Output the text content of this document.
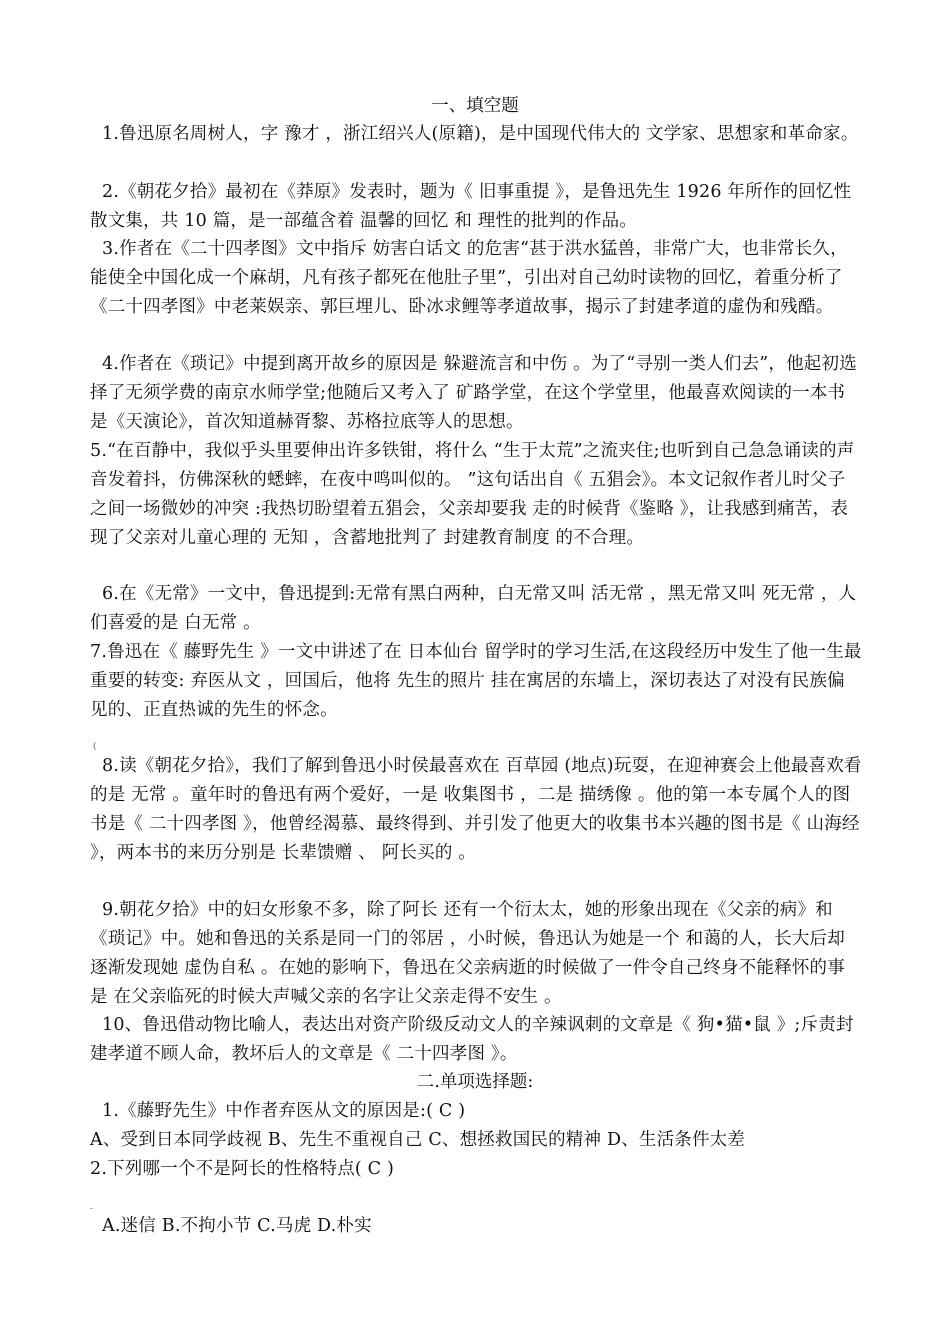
一、填空题

1.鲁迅原名周树人，字 豫才 ，浙江绍兴人(原籍)，是中国现代伟大的 文学家、思想家和革命家。

2.《朝花夕拾》最初在《莽原》发表时，题为《 旧事重提 》，是鲁迅先生 1926 年所作的回忆性散文集，共 10 篇，是一部蕴含着 温馨的回忆 和 理性的批判的作品。

3.作者在《二十四孝图》文中指斥 妨害白话文 的危害“甚于洪水猛兽，非常广大，也非常长久，能使全中国化成一个麻胡，凡有孩子都死在他肚子里”，引出对自己幼时读物的回忆，着重分析了《二十四孝图》中老莱娱亲、郭巨埋儿、卧冰求鲤等孝道故事，揭示了封建孝道的虚伪和残酷。

4.作者在《琐记》中提到离开故乡的原因是 躲避流言和中伤 。为了“寻别一类人们去”，他起初选择了无须学费的南京水师学堂;他随后又考入了 矿路学堂，在这个学堂里，他最喜欢阅读的一本书是《天演论》，首次知道赫胥黎、苏格拉底等人的思想。

5.“在百静中，我似乎头里要伸出许多铁钳，将什么 “生于太荒”之流夹住;也听到自己急急诵读的声音发着抖，仿佛深秋的蟋蟀，在夜中鸣叫似的。 ”这句话出自《 五猖会》。本文记叙作者儿时父子之间一场微妙的冲突 :我热切盼望着五猖会，父亲却要我 走的时候背《鉴略 》，让我感到痛苦，表现了父亲对儿童心理的 无知 ，含蓄地批判了 封建教育制度 的不合理。

6.在《无常》一文中，鲁迅提到:无常有黑白两种，白无常又叫 活无常 ，黑无常又叫 死无常 ，人们喜爱的是 白无常 。

7.鲁迅在《 藤野先生 》一文中讲述了在 日本仙台 留学时的学习生活,在这段经历中发生了他一生最重要的转变: 弃医从文 ，回国后，他将 先生的照片 挂在寓居的东墙上，深切表达了对没有民族偏见的、正直热诚的先生的怀念。

(

8.读《朝花夕拾》，我们了解到鲁迅小时侯最喜欢在 百草园 (地点)玩耍，在迎神赛会上他最喜欢看的是 无常 。童年时的鲁迅有两个爱好，一是 收集图书 ，二是 描绣像 。他的第一本专属个人的图书是《 二十四孝图 》，他曾经渴慕、最终得到、并引发了他更大的收集书本兴趣的图书是《 山海经 》，两本书的来历分别是 长辈馈赠 、 阿长买的 。

9.朝花夕拾》中的妇女形象不多，除了阿长 还有一个衍太太，她的形象出现在《父亲的病》和《琐记》中。她和鲁迅的关系是同一门的邻居 ，小时候，鲁迅认为她是一个 和蔼的人，长大后却逐渐发现她 虚伪自私 。在她的影响下，鲁迅在父亲病逝的时候做了一件令自己终身不能释怀的事是 在父亲临死的时候大声喊父亲的名字让父亲走得不安生 。

10、鲁迅借动物比喻人，表达出对资产阶级反动文人的辛辣讽刺的文章是《 狗•猫•鼠 》;斥责封建孝道不顾人命，教坏后人的文章是《 二十四孝图 》。

二.单项选择题:

1.《藤野先生》中作者弃医从文的原因是:( C )

A、受到日本同学歧视 B、先生不重视自己 C、想拯救国民的精神 D、生活条件太差

2.下列哪一个不是阿长的性格特点( C )

-

A.迷信 B.不拘小节 C.马虎 D.朴实
